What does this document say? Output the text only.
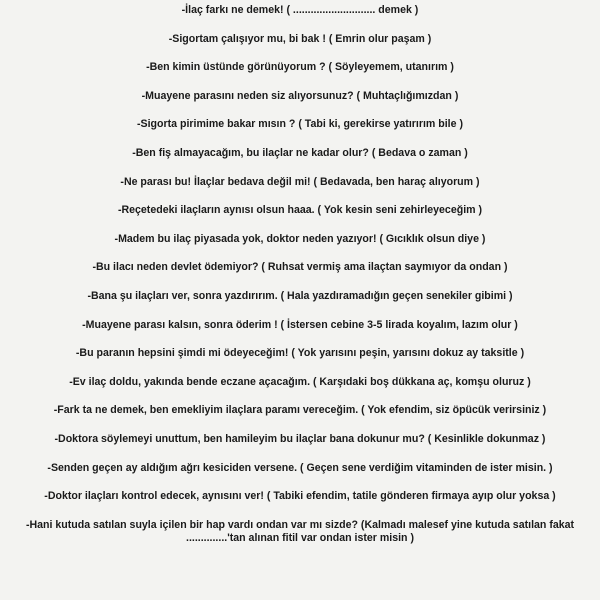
-İlaç farkı ne demek! ( ............................ demek )
-Sigortam çalışıyor mu, bi bak ! ( Emrin olur paşam )
-Ben kimin üstünde görünüyorum ? ( Söyleyemem, utanırım )
-Muayene parasını neden siz alıyorsunuz? ( Muhtaçlığımızdan )
-Sigorta pirimime bakar mısın ? ( Tabi ki, gerekirse yatırırım bile )
-Ben fiş almayacağım, bu ilaçlar ne kadar olur? ( Bedava o zaman )
-Ne parası bu! İlaçlar bedava değil mi! ( Bedavada, ben haraç alıyorum )
-Reçetedeki ilaçların aynısı olsun haaa. ( Yok kesin seni zehirleyeceğim )
-Madem bu ilaç piyasada yok, doktor neden yazıyor! ( Gıcıklık olsun diye )
-Bu ilacı neden devlet ödemiyor? ( Ruhsat vermiş ama ilaçtan saymıyor da ondan )
-Bana şu ilaçları ver, sonra yazdırırım. ( Hala yazdıramadığın geçen senekiler gibimi )
-Muayene parası kalsın, sonra öderim ! ( İstersen cebine 3-5 lirada koyalım, lazım olur )
-Bu paranın hepsini şimdi mi ödeyeceğim! ( Yok yarısını peşin, yarısını dokuz ay taksitle )
-Ev ilaç doldu, yakında bende eczane açacağım. ( Karşıdaki boş dükkana aç, komşu oluruz )
-Fark ta ne demek, ben emekliyim ilaçlara paramı vereceğim. ( Yok efendim, siz öpücük verirsiniz )
-Doktora söylemeyi unuttum, ben hamileyim bu ilaçlar bana dokunur mu? ( Kesinlikle dokunmaz )
-Senden geçen ay aldığım ağrı kesiciden versene. ( Geçen sene verdiğim vitaminden de ister misin. )
-Doktor ilaçları kontrol edecek, aynısını ver! ( Tabiki efendim, tatile gönderen firmaya ayıp olur yoksa )
-Hani kutuda satılan suyla içilen bir hap vardı ondan var mı sizde? (Kalmadı malesef yine kutuda satılan fakat ..............'tan alınan fitil var ondan ister misin )
